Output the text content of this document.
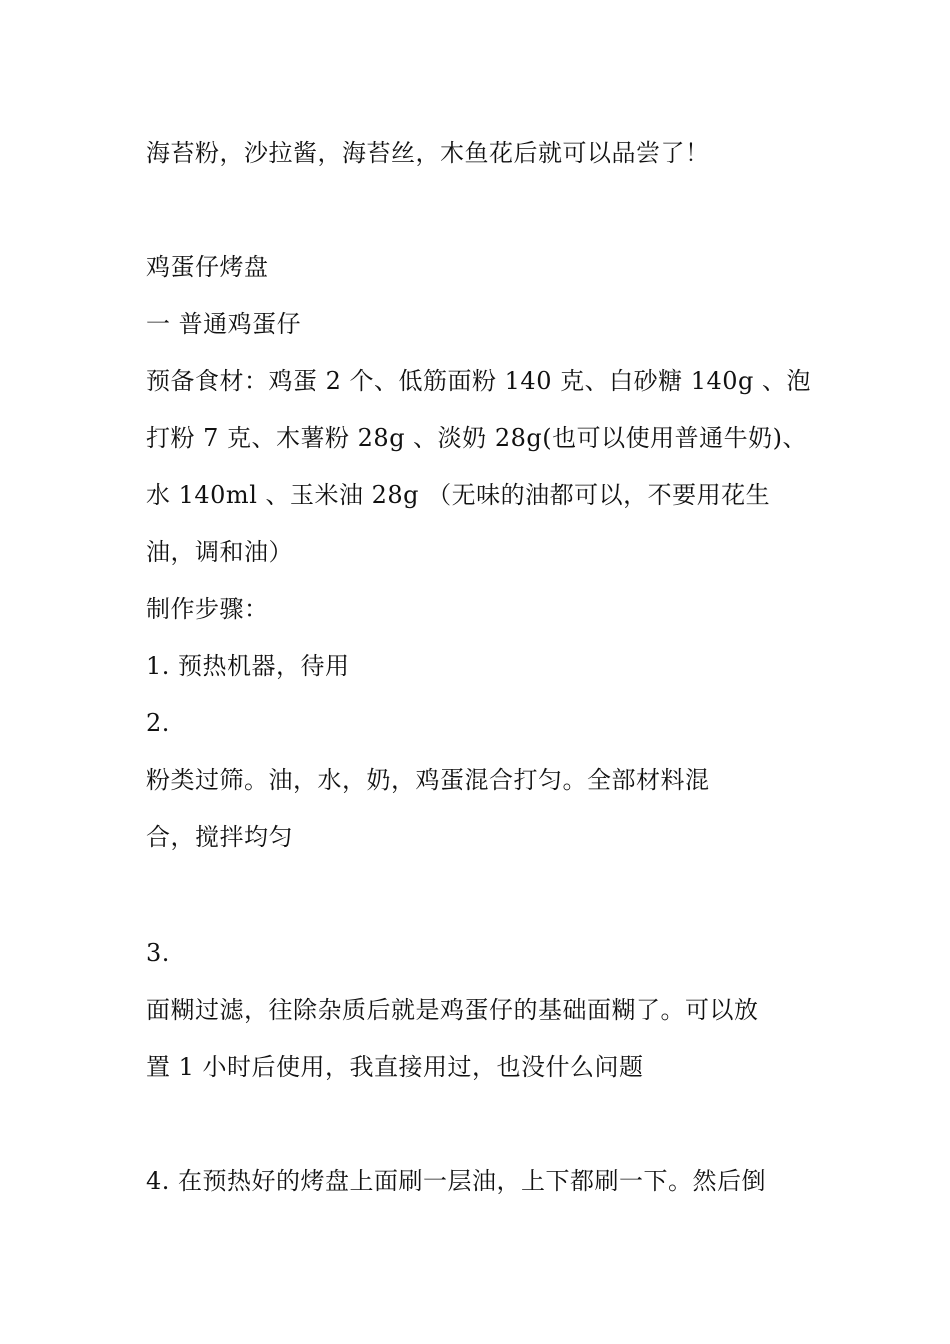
海苔粉，沙拉酱，海苔丝，木鱼花后就可以品尝了！
鸡蛋仔烤盘
一 普通鸡蛋仔
预备食材：鸡蛋 2 个、低筋面粉 140 克、白砂糖 140g 、泡
打粉 7 克、木薯粉 28g 、淡奶 28g(也可以使用普通牛奶)、
水 140ml 、玉米油 28g （无味的油都可以，不要用花生
油，调和油）
制作步骤：
1. 预热机器，待用
2.
粉类过筛。油，水，奶，鸡蛋混合打匀。全部材料混
合，搅拌均匀
3.
面糊过滤，往除杂质后就是鸡蛋仔的基础面糊了。可以放
置 1 小时后使用，我直接用过，也没什么问题
4. 在预热好的烤盘上面刷一层油，上下都刷一下。然后倒
